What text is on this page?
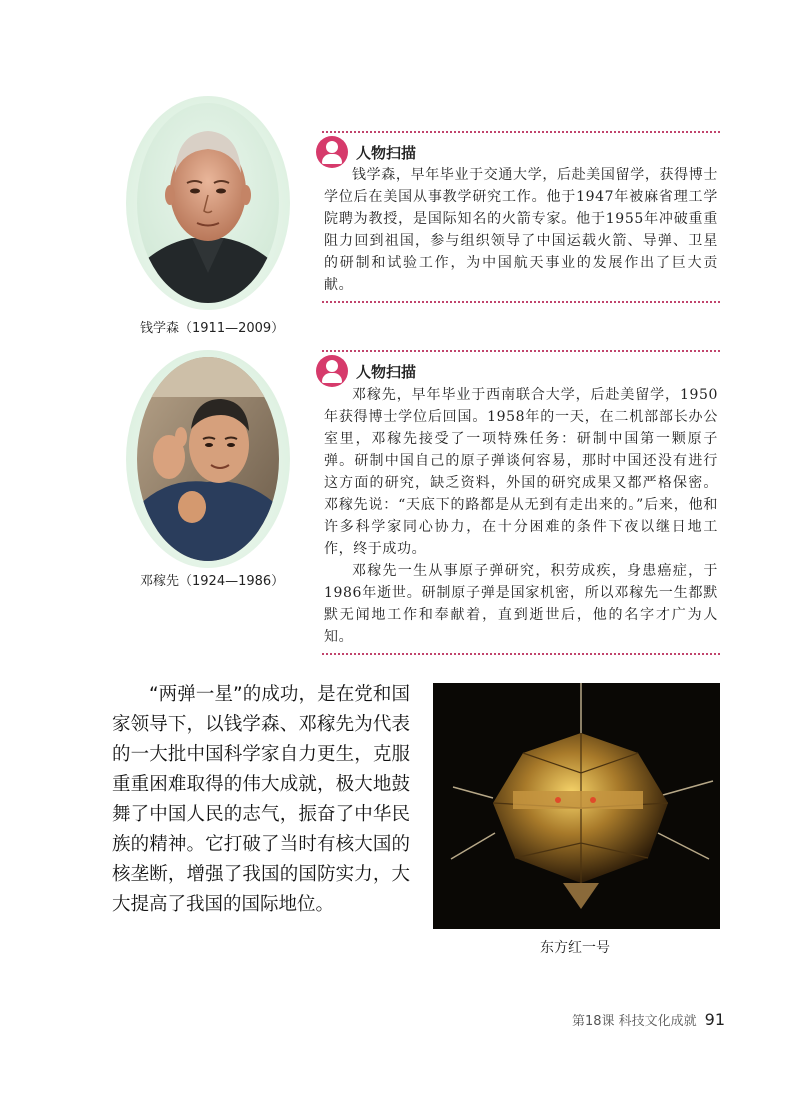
钱学森（1911—2009）
人物扫描

钱学森，早年毕业于交通大学，后赴美国留学，获得博士学位后在美国从事教学研究工作。他于1947年被麻省理工学院聘为教授，是国际知名的火箭专家。他于1955年冲破重重阻力回到祖国，参与组织领导了中国运载火箭、导弹、卫星的研制和试验工作，为中国航天事业的发展作出了巨大贡献。

邓稼先（1924—1986）
人物扫描

邓稼先，早年毕业于西南联合大学，后赴美留学，1950年获得博士学位后回国。1958年的一天，在二机部部长办公室里，邓稼先接受了一项特殊任务：研制中国第一颗原子弹。研制中国自己的原子弹谈何容易，那时中国还没有进行这方面的研究，缺乏资料，外国的研究成果又都严格保密。邓稼先说：“天底下的路都是从无到有走出来的。”后来，他和许多科学家同心协力，在十分困难的条件下夜以继日地工作，终于成功。

邓稼先一生从事原子弹研究，积劳成疾，身患癌症，于1986年逝世。研制原子弹是国家机密，所以邓稼先一生都默默无闻地工作和奉献着，直到逝世后，他的名字才广为人知。

“两弹一星”的成功，是在党和国家领导下，以钱学森、邓稼先为代表的一大批中国科学家自力更生，克服重重困难取得的伟大成就，极大地鼓舞了中国人民的志气，振奋了中华民族的精神。它打破了当时有核大国的核垄断，增强了我国的国防实力，大大提高了我国的国际地位。

东方红一号
第18课 科技文化成就 91
